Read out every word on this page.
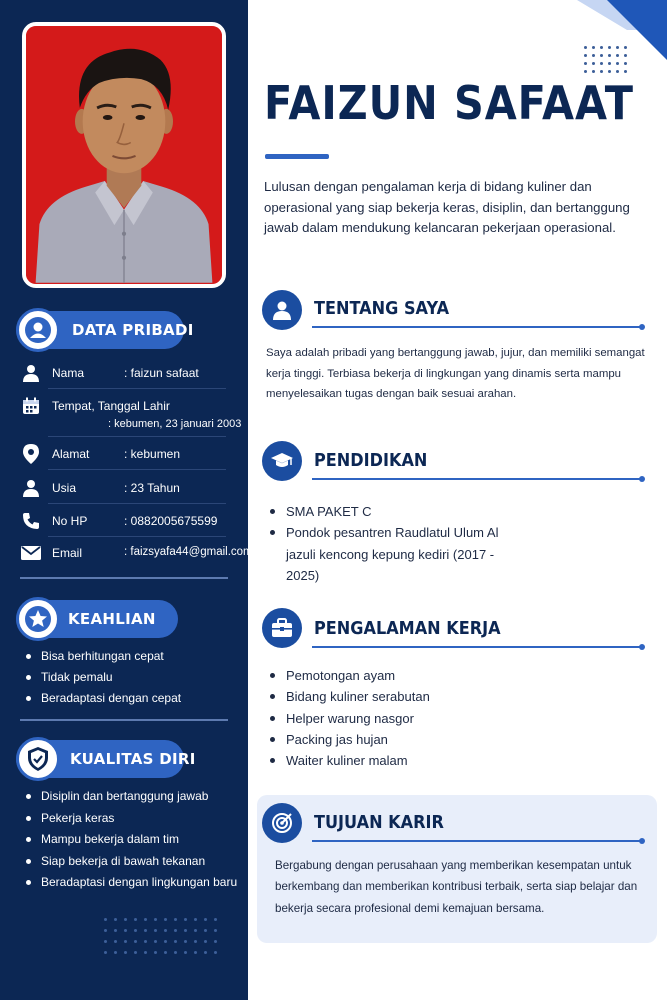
DATA PRIBADI
Nama	: faizun safaat
Tempat, Tanggal Lahir
: kebumen, 23 januari 2003
Alamat	: kebumen
Usia	: 23 Tahun
No HP	: 0882005675599
Email	: faizsyafa44@gmail.com
KEAHLIAN
Bisa berhitungan cepat
Tidak pemalu
Beradaptasi dengan cepat
KUALITAS DIRI
Disiplin dan bertanggung jawab
Pekerja keras
Mampu bekerja dalam tim
Siap bekerja di bawah tekanan
Beradaptasi dengan lingkungan baru
FAIZUN SAFAAT

Lulusan dengan pengalaman kerja di bidang kuliner dan operasional yang siap bekerja keras, disiplin, dan bertanggung jawab dalam mendukung kelancaran pekerjaan operasional.

TENTANG SAYA

Saya adalah pribadi yang bertanggung jawab, jujur, dan memiliki semangat kerja tinggi. Terbiasa bekerja di lingkungan yang dinamis serta mampu menyelesaikan tugas dengan baik sesuai arahan.

PENDIDIKAN
SMA PAKET C
Pondok pesantren Raudlatul Ulum Al jazuli kencong kepung kediri (2017 - 2025)
PENGALAMAN KERJA
Pemotongan ayam
Bidang kuliner serabutan
Helper warung nasgor
Packing jas hujan
Waiter kuliner malam
TUJUAN KARIR

Bergabung dengan perusahaan yang memberikan kesempatan untuk berkembang dan memberikan kontribusi terbaik, serta siap belajar dan bekerja secara profesional demi kemajuan bersama.
